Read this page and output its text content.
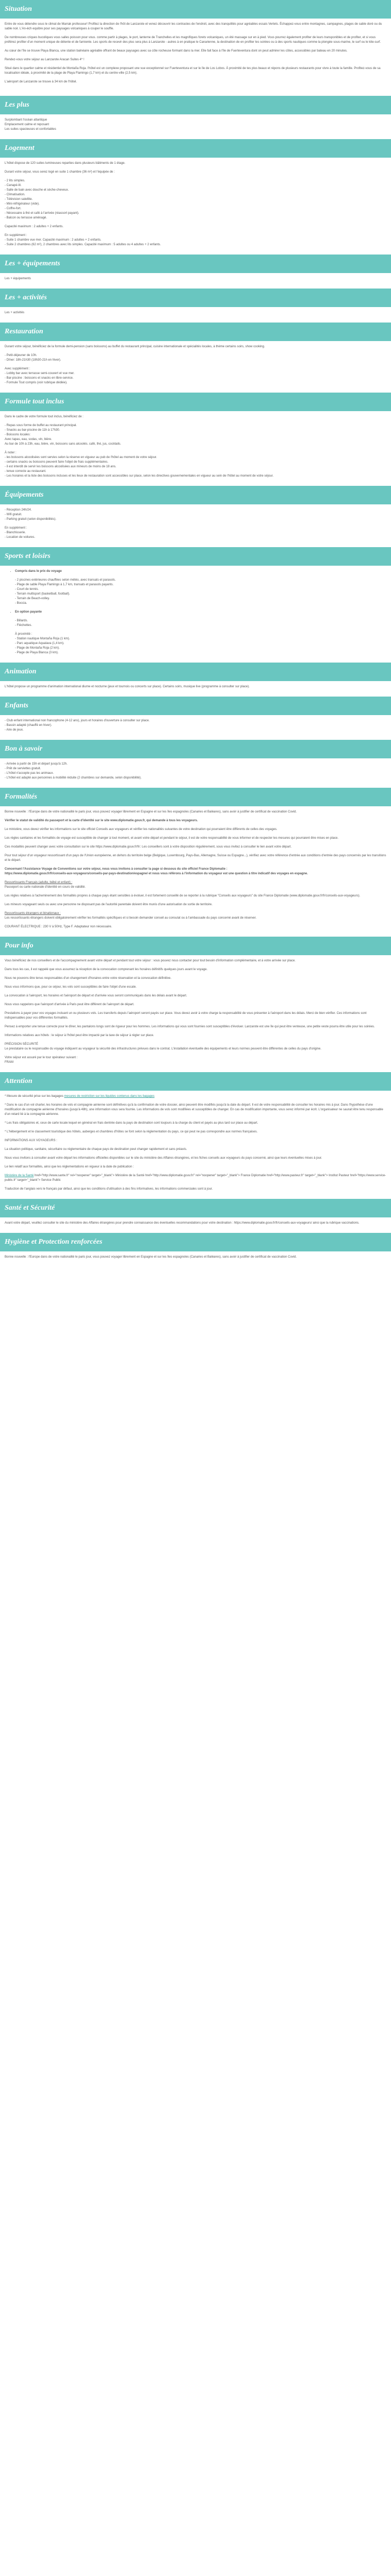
Situation

Entre de vous détendre sous le climat de Marrak professeur! Profitez la direction de l'hôt de Lanzarote et venez découvrir les contrastes de l'endroit, avec des tranquilités pour agréables essais Vertets. Échappez-vous entre montagnes, campagnes, plages de sable doré ou du sable noir. L'An-éch equibre pour ses paysages volcaniques à couper le souffle.

De nombreuses criques bucoliques vous salles poisson pour vous. comme partir à plages, le port, lanterne de Tranchelles et les magnifiques forets volcaniques, un été massage sur en à pied. Vous pourrez également profiter de leurs transponibles et de profiter, et si vous préférez profiter d'un moment unique de détente et de farniente. Les sports de recevir des plus sera plus à Lanzarote - autres à en pratique le Canarienne, la destination de en profiter les soirées ou à des sports nautiques comme la plongée sous-marine, le surf ou le kite-surf.

Au cœur de l'île se trouve Playa Blanca, une station balnéaire agréable offrant de beaux paysages avec sa côte rocheuse formant dans la mer. Elle fait face à l'île de Fuerteventura dont on peut admirer les côtes, accessibles par bateau en 20 minutes.

Rendez-vous votre séjour au Lanzarote Aracan Suites 4* !

Situé dans le quartier calme et résidentiel de Montaña Roja. l'hôtel est un complexe proposant une vue exceptionnel sur Fuerteventura et sur le île de Los Lobos. À proximité de tes plus beaux et répons de plusieurs restaurants pour vivre à toute la famille. Profitez-vous de sa localisation idéale, à proximité de la plage de Playa Flamingo (1,7 km) et du centre-ville (2,5 km).

L'aéroport de Lanzarote se trouve à 34 km de l'hôtel.

Les plus
Surplombant l'océan atlantique
Emplacement calme et reposant
Les suites spacieuses et confortables
Logement

L'hôtel dispose de 120 suites lumineuses reparties dans plusieurs bâtiments de 1 étage.

Durant votre séjour, vous serez logé en suite 1 chambre (36 m²) et l'équipée de :

- 2 lits simples.
- Canapé-lit.
- Salle de bain avec douche et sèche-cheveux.
- Climatisation.
- Télévision satellite.
- Mini-réfrigérateur (vide).
- Coffre-fort.
- Nécessaire à thé et café à l'arrivée (réassort payant).

- Balcon ou terrasse aménagé.

Capacité maximum : 2 adultes + 2 enfants.

En supplément :
- Suite 1 chambre vue mer. Capacité maximum : 2 adultes + 2 enfants.
- Suite 2 chambres (62 m²), 2 chambres avec lits simples. Capacité maximum : 5 adultes ou 4 adultes + 2 enfants.
Les + équipements
Les + équipements
Les + activités
Les + activités
Restauration

Durant votre séjour, bénéficiez de la formule demi-pension (sans boissons) au buffet du restaurant principal, cuisine internationale et spécialités locales, à thème certains soirs, show cooking.

- Petit-déjeuner de 10h.

- Dîner: 18h-21h30 (18h30-21h en hiver).

Avec supplément :
- Lobby bar avec terrasse semi-couvert et vue mer.
- Bar-piscine : boissons et snacks en libre-service.
- Formule Tout compris (voir rubrique dédiée).
Formule tout inclus

Dans le cadre de votre formule tout inclus, bénéficiez de :

- Repas sous forme de buffet au restaurant principal.
- Snacks au bar-piscine de 11h à 17h30.
- Boissons locales:
Avec tapas, eau, sodas, vin, bière.

Au bar de 10h à 23h, eau, bière, vin, boissons sans alcoolés. café, thé, jus, cocktails.

À noter :
- les boissons alcoolisées sont servies selon la réserve en vigueur au pub de l'hôtel au moment de votre séjour.
- certains snacks ou boissons peuvent faire l'objet de frais supplémentaires.
- il est interdit de servir les boissons alcoolisées aux mineurs de moins de 18 ans.
- tenue correcte au restaurant.
- Les horaires et la liste des boissons incluses et les lieux de restauration sont accessibles sur place, selon les directives gouvernementales en vigueur au sein de l'hôtel au moment de votre séjour.
Équipements
- Réception 24h/24.
- Wifi gratuit.

- Parking gratuit (selon disponibilités).

En supplément :
- Blanchisserie.
- Location de voitures.
Sports et loisirs
• Compris dans le prix du voyage
- 2 piscines extérieures chauffées selon météo, avec transats et parasols.
- Plage de sable Playa Flamingo à 1,7 km, transats et parasols payants.
- Court de tennis.
- Terrain multisport (basketball, football).
- Terrain de Beach-volley.

- Boccia.

• En option payante
- Billards.

- Fléchettes.

À proximité :
- Station nautique Montaña Roja (1 km).
- Parc aquatique Aqualava (1,4 km).
- Plage de Montaña Roja (2 km).
- Plage de Playa Blanca (3 km).
Animation
L'hôtel propose un programme d'animation international diurne et nocturne (jeux et tournois ou concerts sur place). Certains soirs, musique live (programme à consulter sur place).
Enfants
- Club enfant international non francophone (4-12 ans), jours et horaires d'ouverture à consulter sur place.
- Bassin adapté (chauffé en hiver).
- Aire de jeux.
Bon à savoir
- Arrivée à partir de 15h et départ jusqu'à 12h.
- Prêt de serviettes gratuit.
- L'hôtel n'accepte pas les animaux.
- L'hôtel est adapté aux personnes à mobilité réduite (2 chambres sur demande, selon disponibilité).
Formalités

Bonne nouvelle : l'Europe dans de votre nationalité le paris jour, vous pouvez voyager librement en Espagne et sur les îles espagnoles (Canaries et Baléares), sans avoir à justifier de certificat de vaccination Covid.

Vérifier le statut de validité du passeport et la carte d'identité sur le site www.diplomatie.gouv.fr, qui demande à tous les voyageurs.

Le ministère, vous devez vérifier les informations sur le site officiel Conseils aux voyageurs et vérifier les nationalités suivantes de votre destination qui pourraient être différents de celles des voyages.

Les règles sanitaires et les formalités de voyage est susceptible de changer à tout moment, et avant votre départ et pendant le séjour, il est de votre responsabilité de vous informer et de respecter les mesures qui pourraient être mises en place.

Ces modalités peuvent changer avec votre consultation sur le site https://www.diplomatie.gouv.fr/fr/. Les conseillers sont à votre disposition régulièrement, sous vous invitez à consulter le lien avant votre départ.

Pour tout séjour d'un voyageur ressortissant d'un pays de l'Union européenne, en dehors du territoire belge (Belgique, Luxembourg, Pays-Bas, Allemagne, Suisse ou Espagne...), vérifiez avec votre référence d'entrée aux conditions d'entrée des pays concernés par les transitions et le départ.

Concernant l'Assistance Voyage de Conventions sur votre séjour, nous vous invitons à consulter la page si dessous du site officiel France Diplomatie :

https://www.diplomatie.gouv.fr/fr/conseils-aux-voyageurs/conseils-par-pays-destination/espagne/ et nous vous référons à l'information du voyageur est une question à titre indicatif des voyages en espagne.

Ressortissants Français (adulte, bébé et enfant) :

Passeport ou carte nationale d'identité en cours de validité.

Les règles relatives à l'acheminement des formalités propres à chaque pays étant sensibles à évoluer, il est fortement conseillé de se reporter à la rubrique "Conseils aux voyageurs" du site France Diplomatie (www.diplomatie.gouv.fr/fr/conseils-aux-voyageurs).

Les mineurs voyageant seuls ou avec une personne ne disposant pas de l'autorité parentale doivent être munis d'une autorisation de sortie de territoire.

Ressortissants étrangers et binationaux :

Les ressortissants étrangers doivent obligatoirement vérifier les formalités spécifiques et si besoin demander conseil au consulat ou à l'ambassade du pays concerné avant de réserver.

COURANT ÉLECTRIQUE : 230 V à 50Hz, Type F. Adaptateur non nécessaire.
Pour info

Vous bénéficiez de nos conseillers et de l'accompagnement avant votre départ et pendant tout votre séjour : vous pouvez nous contacter pour tout besoin d'information complémentaire, et à votre arrivée sur place.

Dans tous les cas, il est rappelé que vous assumez la réception de la convocation comprenant les horaires définitifs quelques jours avant le voyage.

Nous ne pouvons être tenus responsables d'un changement d'horaires entre votre réservation et la convocation définitive.

Nous vous informons que, pour ce séjour, les vols sont susceptibles de faire l'objet d'une escale.

La convocation à l'aéroport, les horaires et l'aéroport de départ et d'arrivée vous seront communiqués dans les délais avant le départ.

Nous vous rappelons que l'aéroport d'arrivée à Paris peut être différent de l'aéroport de départ.

Prestations à payer pour vos voyages incluant un ou plusieurs vols. Les transferts depuis l'aéroport seront payés sur place. Vous devez avoir à votre charge la responsabilité de vous présenter à l'aéroport dans les délais. Merci de bien vérifier. Ces informations sont indispensables pour vos différentes formalités.

Pensez à emporter une tenue correcte pour le dîner, les pantalons longs sont de rigueur pour les hommes. Les informations qui vous sont fournies sont susceptibles d'évoluer. Lanzarote est une île qui peut être venteuse, une petite veste pourra être utile pour les soirées.

Informations relatives aux hôtels : le séjour à l'hôtel peut être impacté par la taxe de séjour à régler sur place.

PRÉCISION SÉCURITÉ

Le prestataire ou le responsable du voyage indiquent au voyageur la sécurité des infrastructures prévues dans le contrat. L'installation éventuelle des équipements et leurs normes peuvent être différentes de celles du pays d'origine.

Votre séjour est assuré par le tour opérateur suivant :
FRAM
Attention

* Mesure de sécurité prise sur les bagages mesures de restriction sur les liquides contenus dans les bagages

* Dans le cas d'un vol charter, les horaires de vols et compagnie aérienne sont définitives qu'à la confirmation de votre dossier, ainsi peuvent être modifiés jusqu'à la date du départ. Il est de votre responsabilité de consulter les horaires mis à jour. Dans l'hypothèse d'une modification de compagnie aérienne d'horaires (jusqu'à 48h), une information vous sera fournie. Les informations de vols sont modifiées et susceptibles de changer. En cas de modification importante, vous serez informé par écrit. L'organisateur ne saurait être tenu responsable d'un retard lié à la compagnie aérienne.

* Les frais obligatoires et, ceux de carte locale lequel en général en frais dentrée dans la pays de destination sont toujours à la charge du client et payés au plus tard sur place au départ.

* L'hébergement et le classement touristique des hôtels, auberges et chambres d'hôtes se font selon la réglementation du pays, ce qui peut ne pas correspondre aux normes françaises.

INFORMATIONS AUX VOYAGEURS :

La situation politique, sanitaire, sécuritaire ou réglementaire de chaque pays de destination peut changer rapidement et sans préavis.

Nous vous invitons à consulter avant votre départ les informations officielles disponibles sur le site du ministère des Affaires étrangères, et les fiches conseils aux voyageurs du pays concerné, ainsi que leurs éventuelles mises à jour.

Le lien relatif aux formalités, ainsi que les réglementations en vigueur à la date de publication :

Ministère de la Santé href="http://www.sante.fr" rel="noopener" target="_blank"> Ministère de la Santé href="http://www.diplomatie.gouv.fr/" rel="noopener" target="_blank"> France Diplomatie href="http://www.pasteur.fr" target="_blank"> Institut Pasteur href="https://www.service-public.fr" target="_blank"> Service Public

Traduction de l'anglais vers le français par défaut, ainsi que les conditions d'utilisation à des fins informatives, les informations commerciales sont à jour.
Santé et Sécurité
Avant votre départ, veuillez consulter le site du ministère des Affaires étrangères pour prendre connaissance des éventuelles recommandations pour votre destination : https://www.diplomatie.gouv.fr/fr/conseils-aux-voyageurs/ ainsi que la rubrique vaccinations.
Hygiène et Protection renforcées
Bonne nouvelle : l'Europe dans de votre nationalité le paris jour, vous pouvez voyager librement en Espagne et sur les îles espagnoles (Canaries et Baléares), sans avoir à justifier de certificat de vaccination Covid.
